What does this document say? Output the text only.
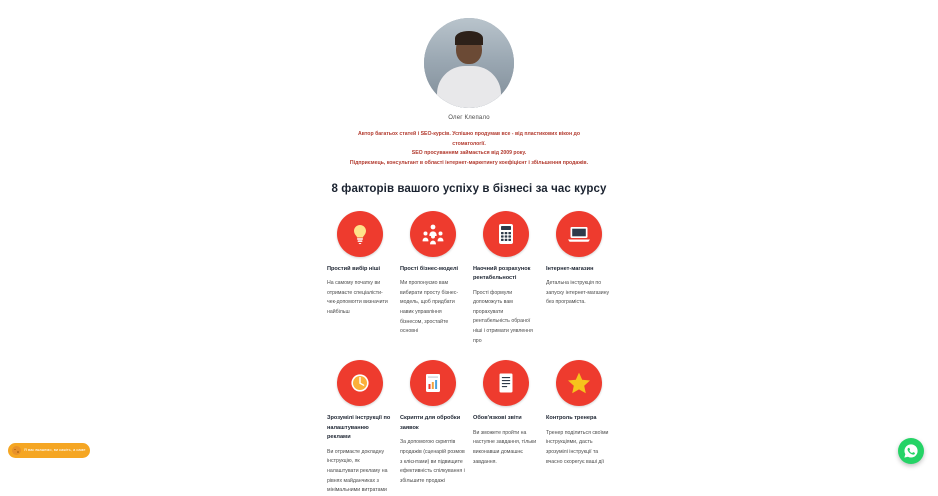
Олег Клепало
Автор багатьох статей і SEO-курсів. Успішно продумав все - від пластикових вікон до стоматології.
SEO просуванням займається від 2009 року.
Підприємець, консультант в області інтернет-маркетингу коефіцієнт і збільшення продажів.
8 факторів вашого успіху в бізнесі за час курсу
Простий вибір ніші
На самому початку ви отримаєте спеціалісти-чек-допомогти визначити найбільш
Прості бізнес-моделі
Ми пропонуємо вам вибирати просту бізнес-модель, щоб придбати навик управління бізнесом, зростайте основні
Наочний розрахунок рентабельності
Прості формули допоможуть вам прорахувати рентабельність обраної ніші і отримати уявлення про
Інтернет-магазин
Детальна інструкція по запуску інтернет-магазину без програміста.
Зрозумілі інструкції по налаштуванню реклами
Ви отримаєте докладну інструкцію, як налаштувати рекламу на рівнях майданчиках з мінімальними витратами
Скрипти для обробки заявок
За допомогою скриптів продажів (сценарій розмов з клієнтами) ви підвищите ефективність спілкування і збільшите продажі
Обов'язкові звіти
Ви зможете пройти на наступне завдання, тільки виконавши домашнє завдання.
Контроль тренера
Тренер поділиться своїми інструкціями, дасть зрозумілі інструкції та вчасно скорегує ваші дії
Я вас вкажемо, ви кажіть, а саме
